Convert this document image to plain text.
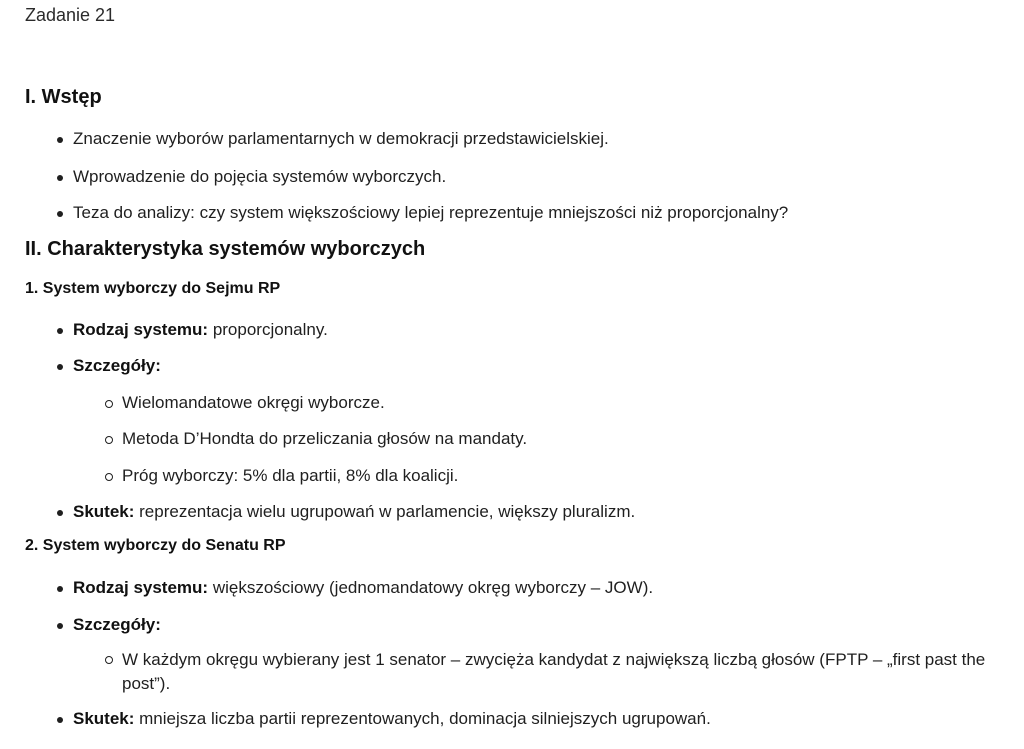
Zadanie 21
I. Wstęp
Znaczenie wyborów parlamentarnych w demokracji przedstawicielskiej.
Wprowadzenie do pojęcia systemów wyborczych.
Teza do analizy: czy system większościowy lepiej reprezentuje mniejszości niż proporcjonalny?
II. Charakterystyka systemów wyborczych
1. System wyborczy do Sejmu RP
Rodzaj systemu: proporcjonalny.
Szczegóły:
Wielomandatowe okręgi wyborcze.
Metoda D’Hondta do przeliczania głosów na mandaty.
Próg wyborczy: 5% dla partii, 8% dla koalicji.
Skutek: reprezentacja wielu ugrupowań w parlamencie, większy pluralizm.
2. System wyborczy do Senatu RP
Rodzaj systemu: większościowy (jednomandatowy okręg wyborczy – JOW).
Szczegóły:
W każdym okręgu wybierany jest 1 senator – zwycięża kandydat z największą liczbą głosów (FPTP – „first past the post”).
Skutek: mniejsza liczba partii reprezentowanych, dominacja silniejszych ugrupowań.
